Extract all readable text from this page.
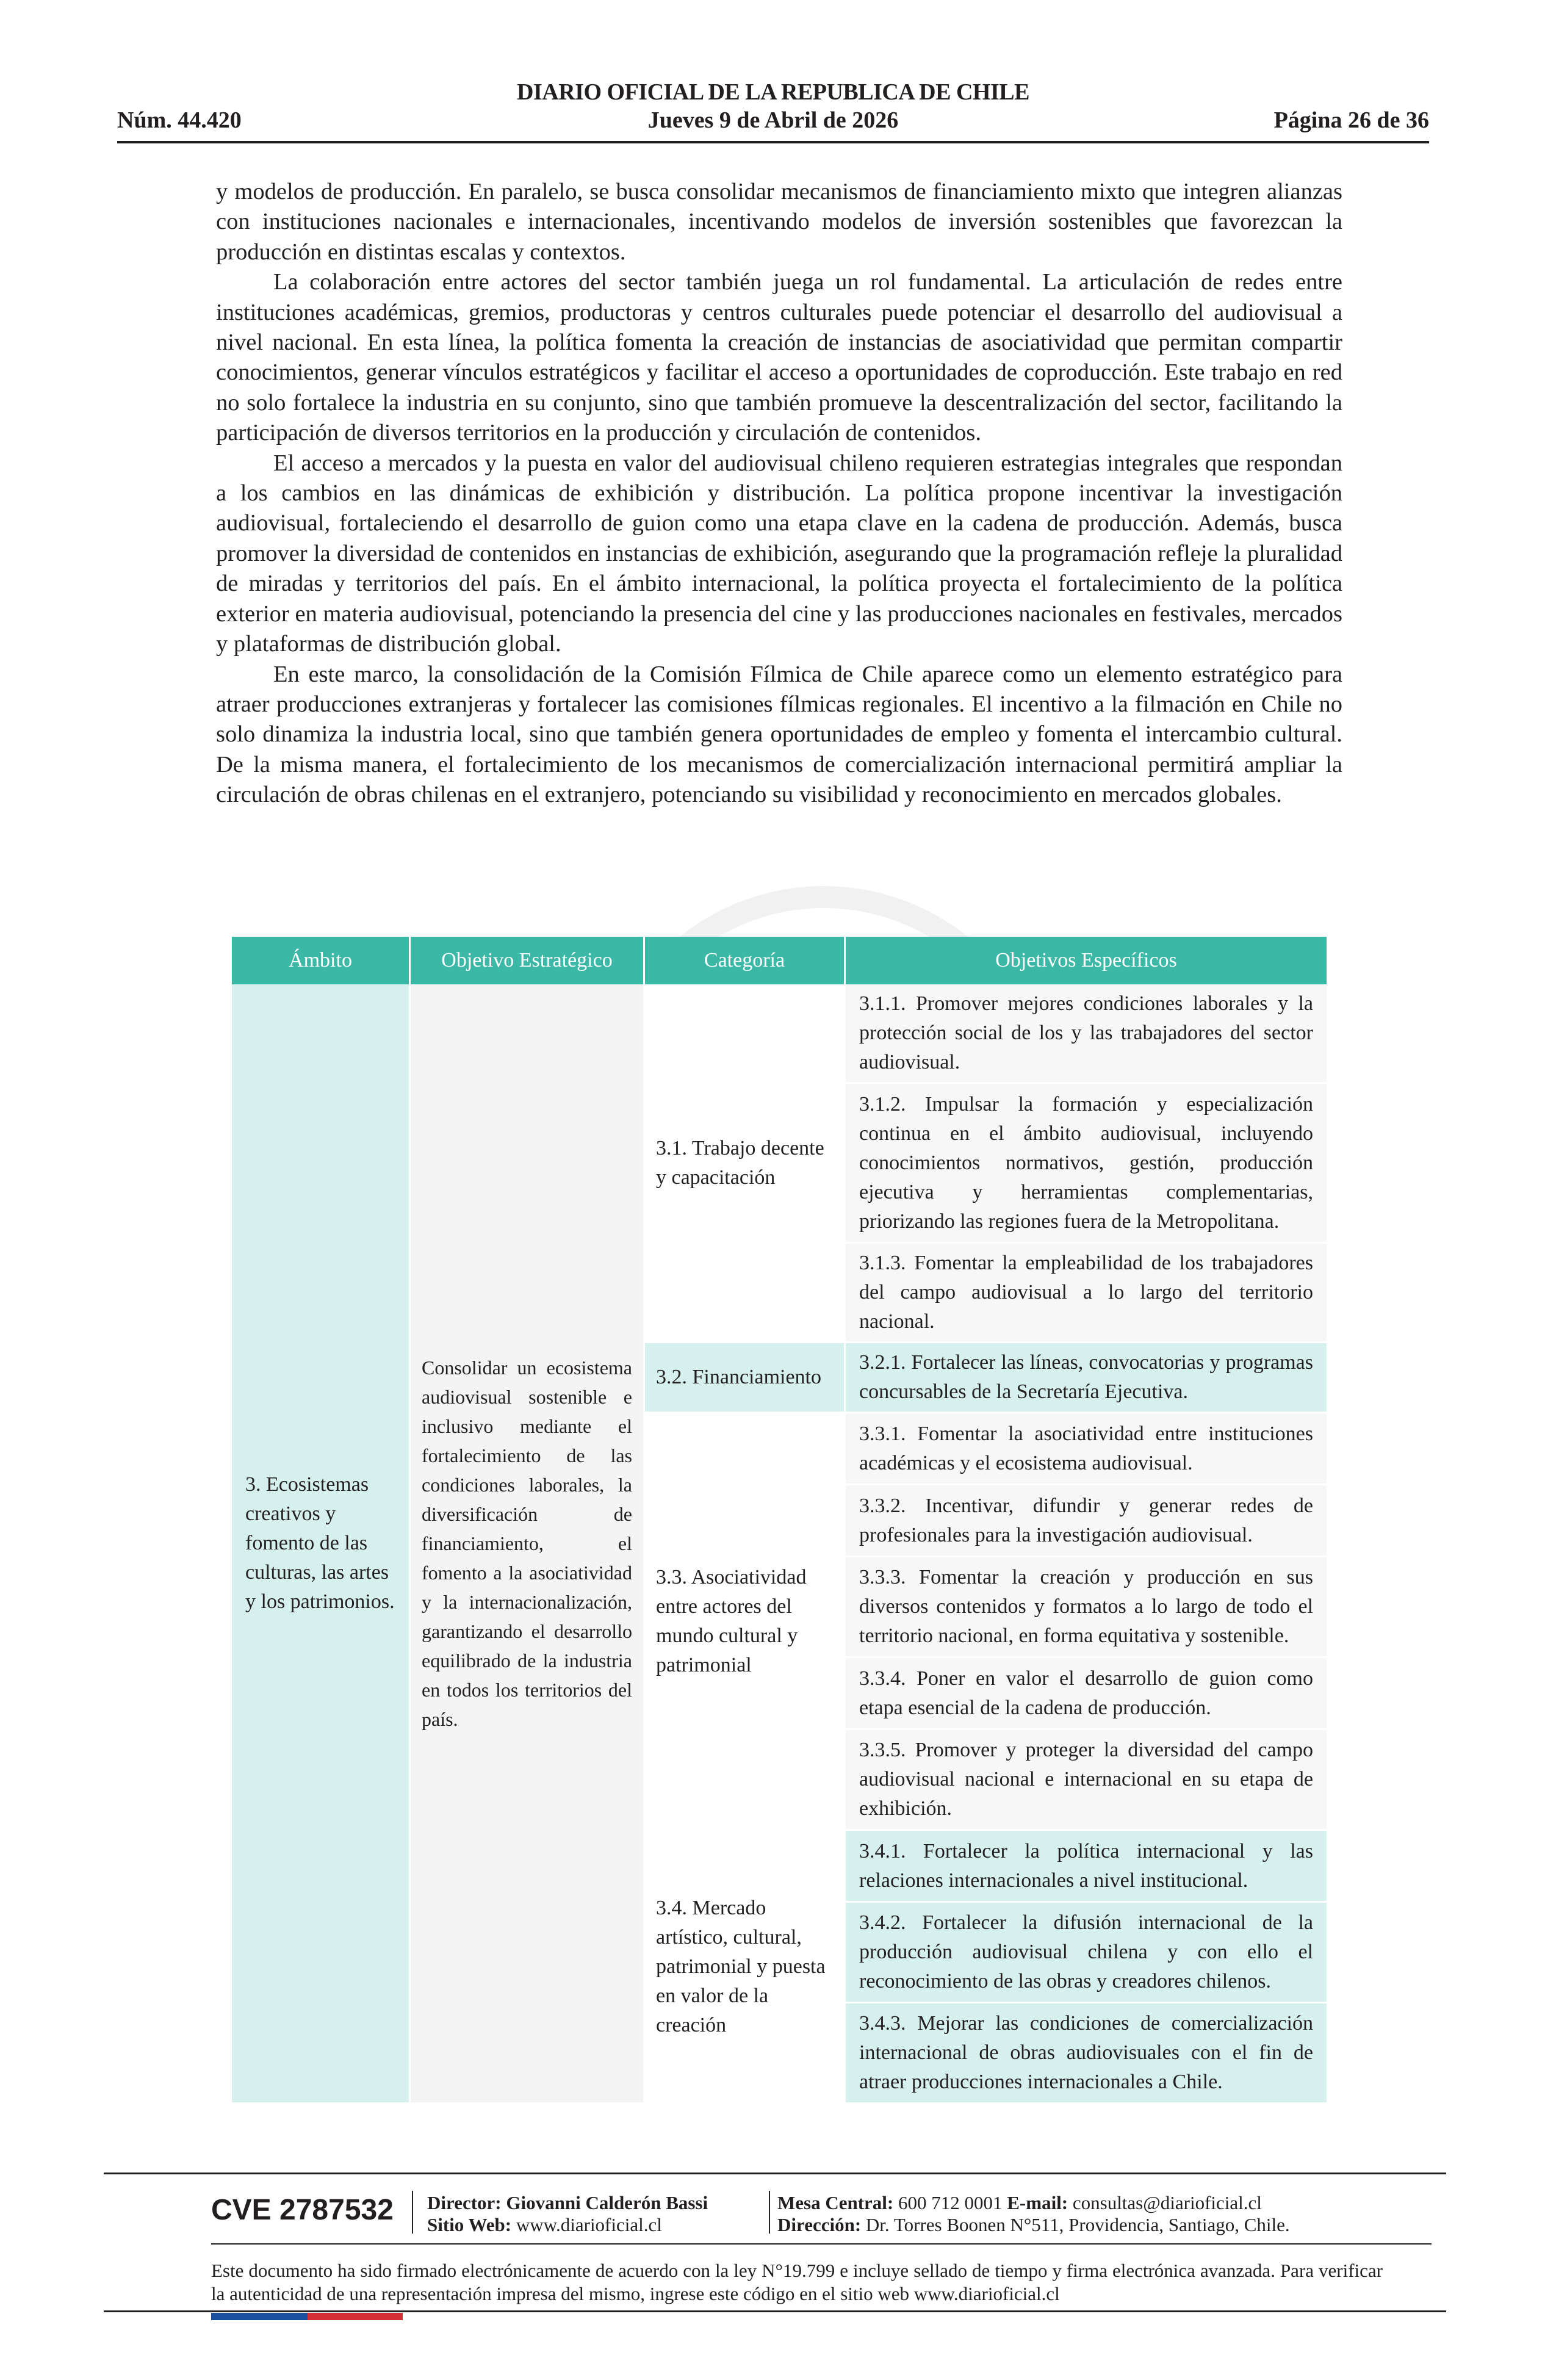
DIARIO OFICIAL DE LA REPUBLICA DE CHILE
Núm. 44.420	Jueves 9 de Abril de 2026	Página 26 de 36

y modelos de producción. En paralelo, se busca consolidar mecanismos de financiamiento mixto que integren alianzas con instituciones nacionales e internacionales, incentivando modelos de inversión sostenibles que favorezcan la producción en distintas escalas y contextos.

La colaboración entre actores del sector también juega un rol fundamental. La articulación de redes entre instituciones académicas, gremios, productoras y centros culturales puede potenciar el desarrollo del audiovisual a nivel nacional. En esta línea, la política fomenta la creación de instancias de asociatividad que permitan compartir conocimientos, generar vínculos estratégicos y facilitar el acceso a oportunidades de coproducción. Este trabajo en red no solo fortalece la industria en su conjunto, sino que también promueve la descentralización del sector, facilitando la participación de diversos territorios en la producción y circulación de contenidos.

El acceso a mercados y la puesta en valor del audiovisual chileno requieren estrategias integrales que respondan a los cambios en las dinámicas de exhibición y distribución. La política propone incentivar la investigación audiovisual, fortaleciendo el desarrollo de guion como una etapa clave en la cadena de producción. Además, busca promover la diversidad de contenidos en instancias de exhibición, asegurando que la programación refleje la pluralidad de miradas y territorios del país. En el ámbito internacional, la política proyecta el fortalecimiento de la política exterior en materia audiovisual, potenciando la presencia del cine y las producciones nacionales en festivales, mercados y plataformas de distribución global.

En este marco, la consolidación de la Comisión Fílmica de Chile aparece como un elemento estratégico para atraer producciones extranjeras y fortalecer las comisiones fílmicas regionales. El incentivo a la filmación en Chile no solo dinamiza la industria local, sino que también genera oportunidades de empleo y fomenta el intercambio cultural. De la misma manera, el fortalecimiento de los mecanismos de comercialización internacional permitirá ampliar la circulación de obras chilenas en el extranjero, potenciando su visibilidad y reconocimiento en mercados globales.

Ámbito	Objetivo Estratégico	Categoría	Objetivos Específicos
3. Ecosistemas creativos y fomento de las culturas, las artes y los patrimonios.	Consolidar un ecosistema audiovisual sostenible e inclusivo mediante el fortalecimiento de las condiciones laborales, la diversificación de financiamiento, el fomento a la asociatividad y la internacionalización, garantizando el desarrollo equilibrado de la industria en todos los territorios del país.	3.1. Trabajo decente y capacitación	3.1.1. Promover mejores condiciones laborales y la protección social de los y las trabajadores del sector audiovisual.
			3.1.2. Impulsar la formación y especialización continua en el ámbito audiovisual, incluyendo conocimientos normativos, gestión, producción ejecutiva y herramientas complementarias, priorizando las regiones fuera de la Metropolitana.
			3.1.3. Fomentar la empleabilidad de los trabajadores del campo audiovisual a lo largo del territorio nacional.
		3.2. Financiamiento	3.2.1. Fortalecer las líneas, convocatorias y programas concursables de la Secretaría Ejecutiva.
		3.3. Asociatividad entre actores del mundo cultural y patrimonial	3.3.1. Fomentar la asociatividad entre instituciones académicas y el ecosistema audiovisual.
			3.3.2. Incentivar, difundir y generar redes de profesionales para la investigación audiovisual.
			3.3.3. Fomentar la creación y producción en sus diversos contenidos y formatos a lo largo de todo el territorio nacional, en forma equitativa y sostenible.
			3.3.4. Poner en valor el desarrollo de guion como etapa esencial de la cadena de producción.
			3.3.5. Promover y proteger la diversidad del campo audiovisual nacional e internacional en su etapa de exhibición.
		3.4. Mercado artístico, cultural, patrimonial y puesta en valor de la creación	3.4.1. Fortalecer la política internacional y las relaciones internacionales a nivel institucional.
			3.4.2. Fortalecer la difusión internacional de la producción audiovisual chilena y con ello el reconocimiento de las obras y creadores chilenos.
			3.4.3. Mejorar las condiciones de comercialización internacional de obras audiovisuales con el fin de atraer producciones internacionales a Chile.

CVE 2787532 Director: Giovanni Calderón Bassi
Sitio Web: www.diarioficial.cl
Mesa Central: 600 712 0001 E-mail: consultas@diarioficial.cl
Dirección: Dr. Torres Boonen N°511, Providencia, Santiago, Chile.
Este documento ha sido firmado electrónicamente de acuerdo con la ley N°19.799 e incluye sellado de tiempo y firma electrónica avanzada. Para verificar la autenticidad de una representación impresa del mismo, ingrese este código en el sitio web www.diarioficial.cl
